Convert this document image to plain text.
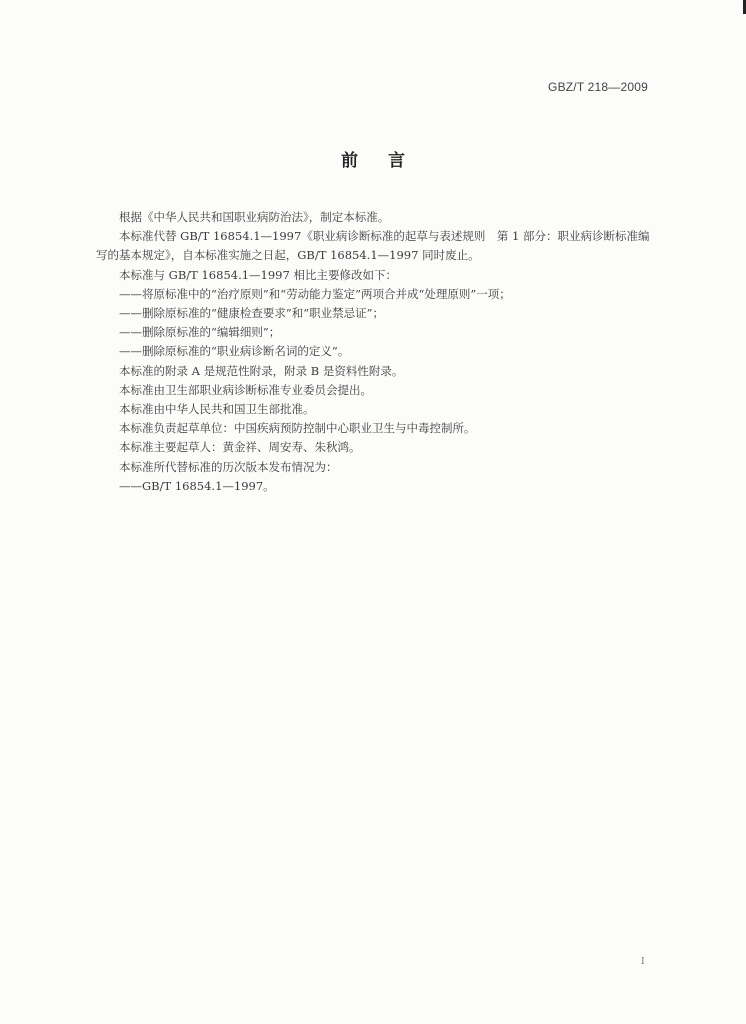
GBZ/T 218—2009
前言

根据《中华人民共和国职业病防治法》，制定本标准。

本标准代替 GB/T 16854.1—1997《职业病诊断标准的起草与表述规则　第 1 部分：职业病诊断标准编写的基本规定》，自本标准实施之日起，GB/T 16854.1—1997 同时废止。

本标准与 GB/T 16854.1—1997 相比主要修改如下：

——将原标准中的“治疗原则”和“劳动能力鉴定”两项合并成“处理原则”一项；

——删除原标准的“健康检查要求”和“职业禁忌证”；

——删除原标准的“编辑细则”；

——删除原标准的“职业病诊断名词的定义”。

本标准的附录 A 是规范性附录，附录 B 是资料性附录。

本标准由卫生部职业病诊断标准专业委员会提出。

本标准由中华人民共和国卫生部批准。

本标准负责起草单位：中国疾病预防控制中心职业卫生与中毒控制所。

本标准主要起草人：黄金祥、周安寿、朱秋鸿。

本标准所代替标准的历次版本发布情况为：

——GB/T 16854.1—1997。

I
